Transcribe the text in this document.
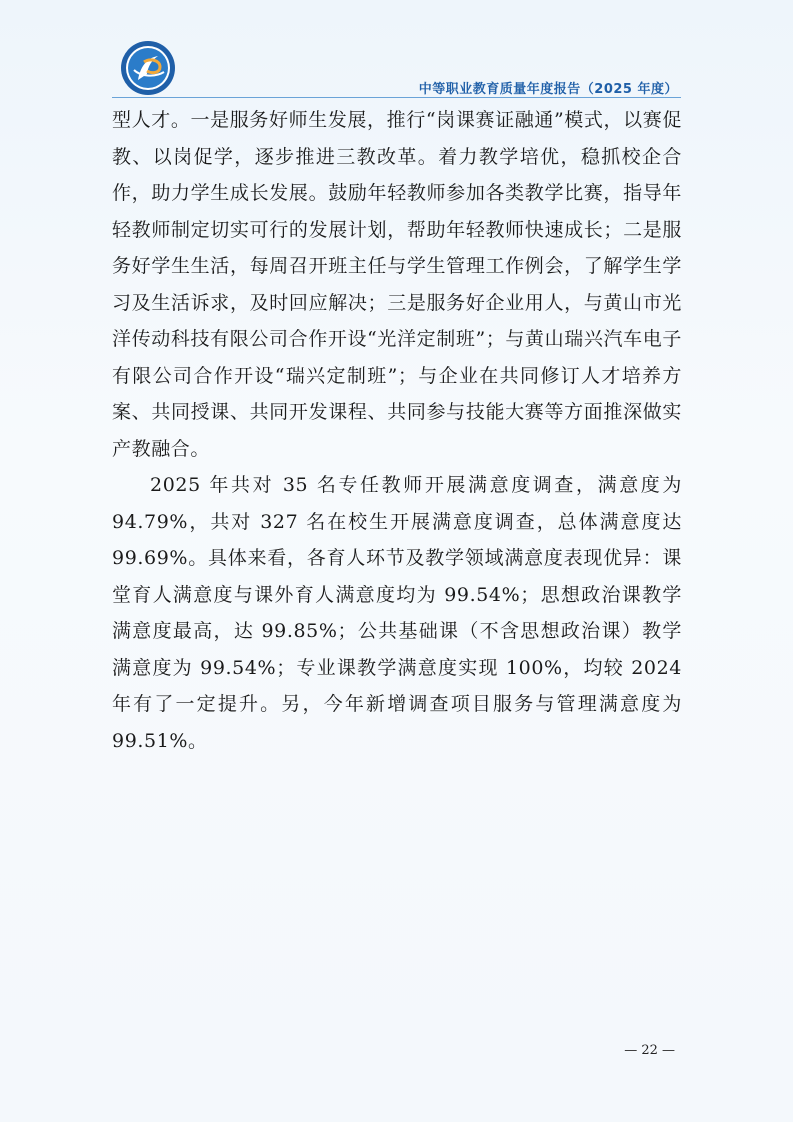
中等职业教育质量年度报告（2025 年度）

型人才。一是服务好师生发展，推行“岗课赛证融通”模式，以赛促教、以岗促学，逐步推进三教改革。着力教学培优，稳抓校企合作，助力学生成长发展。鼓励年轻教师参加各类教学比赛，指导年轻教师制定切实可行的发展计划，帮助年轻教师快速成长；二是服务好学生生活，每周召开班主任与学生管理工作例会，了解学生学习及生活诉求，及时回应解决；三是服务好企业用人，与黄山市光洋传动科技有限公司合作开设“光洋定制班”；与黄山瑞兴汽车电子有限公司合作开设“瑞兴定制班”；与企业在共同修订人才培养方案、共同授课、共同开发课程、共同参与技能大赛等方面推深做实产教融合。

2025 年共对 35 名专任教师开展满意度调查，满意度为 94.79%，共对 327 名在校生开展满意度调查，总体满意度达 99.69%。具体来看，各育人环节及教学领域满意度表现优异：课堂育人满意度与课外育人满意度均为 99.54%；思想政治课教学满意度最高，达 99.85%；公共基础课（不含思想政治课）教学满意度为 99.54%；专业课教学满意度实现 100%，均较 2024 年有了一定提升。另，今年新增调查项目服务与管理满意度为 99.51%。

— 22 —
